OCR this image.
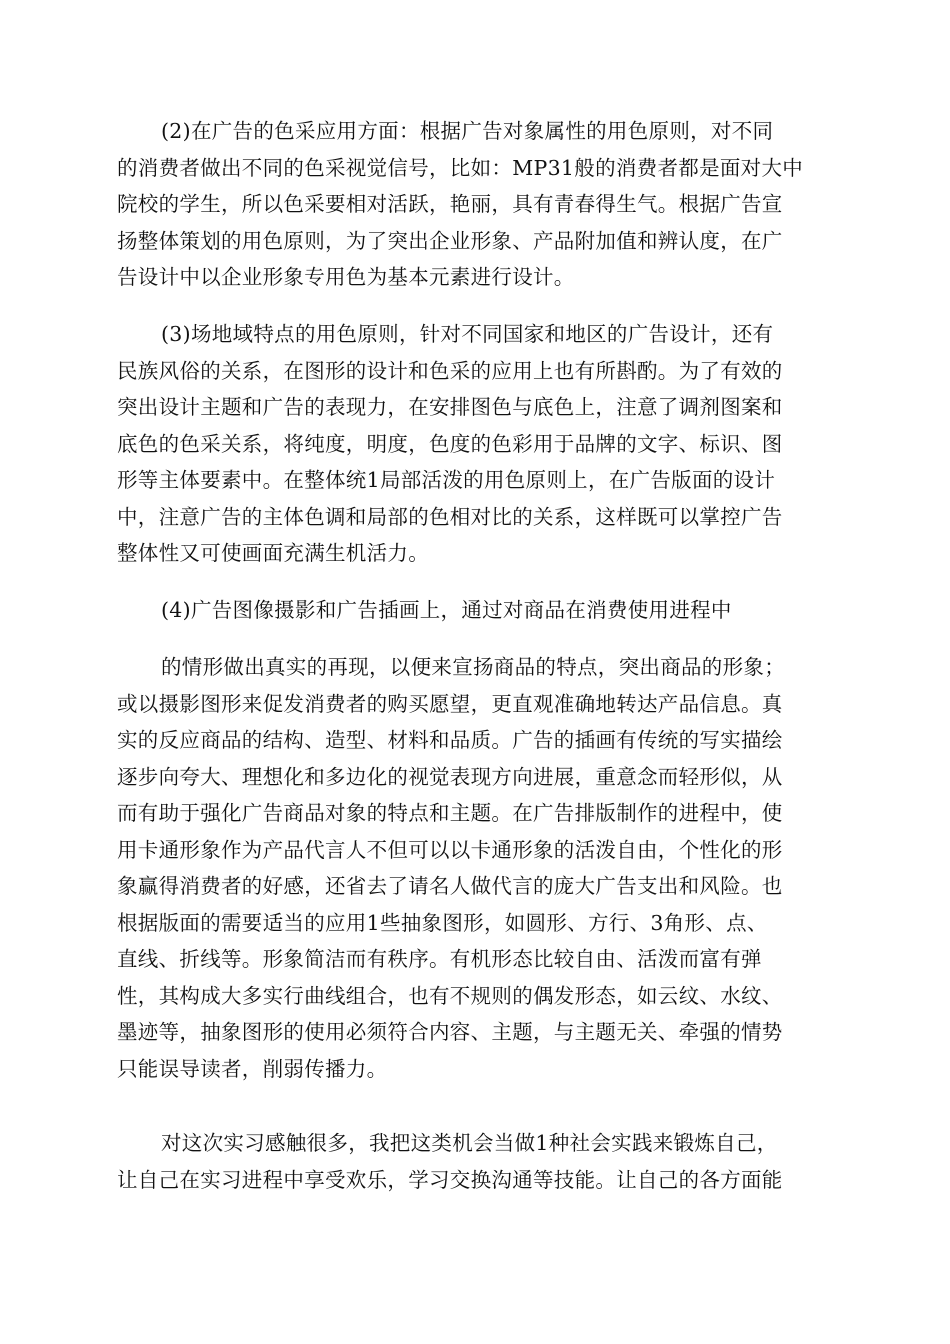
(2)在广告的色采应用方面：根据广告对象属性的用色原则，对不同
的消费者做出不同的色采视觉信号，比如：MP31般的消费者都是面对大中
院校的学生，所以色采要相对活跃，艳丽，具有青春得生气。根据广告宣
扬整体策划的用色原则，为了突出企业形象、产品附加值和辨认度，在广
告设计中以企业形象专用色为基本元素进行设计。
(3)场地域特点的用色原则，针对不同国家和地区的广告设计，还有
民族风俗的关系，在图形的设计和色采的应用上也有所斟酌。为了有效的
突出设计主题和广告的表现力，在安排图色与底色上，注意了调剂图案和
底色的色采关系，将纯度，明度，色度的色彩用于品牌的文字、标识、图
形等主体要素中。在整体统1局部活泼的用色原则上，在广告版面的设计
中，注意广告的主体色调和局部的色相对比的关系，这样既可以掌控广告
整体性又可使画面充满生机活力。
(4)广告图像摄影和广告插画上，通过对商品在消费使用进程中
的情形做出真实的再现，以便来宣扬商品的特点，突出商品的形象；
或以摄影图形来促发消费者的购买愿望，更直观准确地转达产品信息。真
实的反应商品的结构、造型、材料和品质。广告的插画有传统的写实描绘
逐步向夸大、理想化和多边化的视觉表现方向进展，重意念而轻形似，从
而有助于强化广告商品对象的特点和主题。在广告排版制作的进程中，使
用卡通形象作为产品代言人不但可以以卡通形象的活泼自由，个性化的形
象赢得消费者的好感，还省去了请名人做代言的庞大广告支出和风险。也
根据版面的需要适当的应用1些抽象图形，如圆形、方行、3角形、点、
直线、折线等。形象简洁而有秩序。有机形态比较自由、活泼而富有弹
性，其构成大多实行曲线组合，也有不规则的偶发形态，如云纹、水纹、
墨迹等，抽象图形的使用必须符合内容、主题，与主题无关、牵强的情势
只能误导读者，削弱传播力。
对这次实习感触很多，我把这类机会当做1种社会实践来锻炼自己，
让自己在实习进程中享受欢乐，学习交换沟通等技能。让自己的各方面能
